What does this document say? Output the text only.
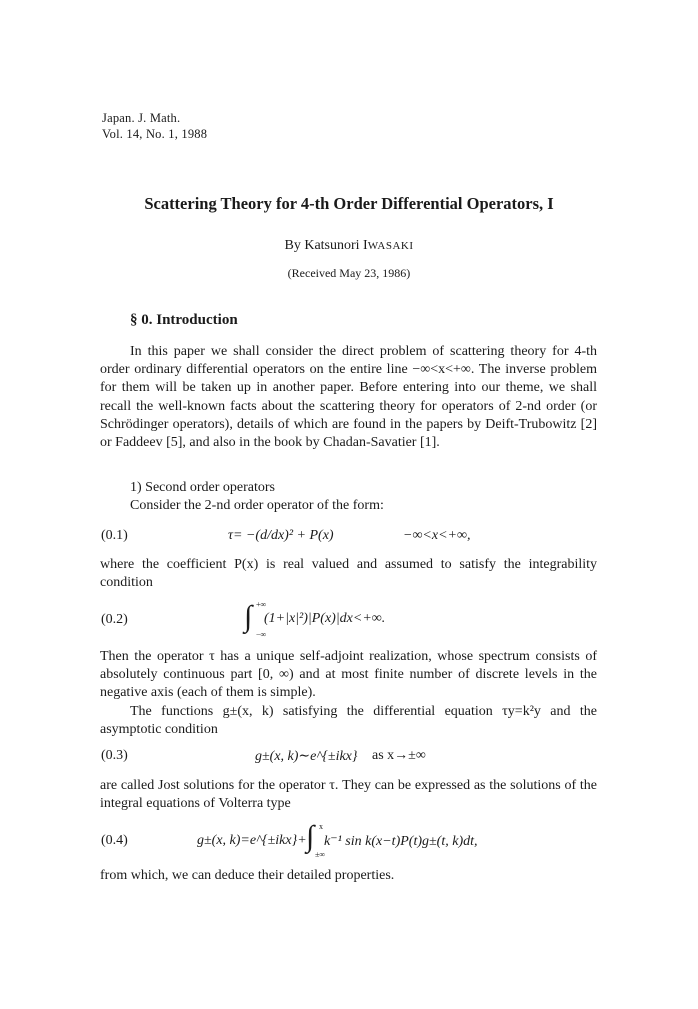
Japan. J. Math.
Vol. 14, No. 1, 1988
Scattering Theory for 4-th Order Differential Operators, I
By Katsunori IWASAKI
(Received May 23, 1986)
§ 0. Introduction

In this paper we shall consider the direct problem of scattering theory for 4-th order ordinary differential operators on the entire line −∞<x<+∞. The inverse problem for them will be taken up in another paper. Before entering into our theme, we shall recall the well-known facts about the scattering theory for operators of 2-nd order (or Schrödinger operators), details of which are found in the papers by Deift-Trubowitz [2] or Faddeev [5], and also in the book by Chadan-Savatier [1].

1) Second order operators
Consider the 2-nd order operator of the form:
(0.1)	τ= −(d/dx)² + P(x)	−∞<x<+∞,

where the coefficient P(x) is real valued and assumed to satisfy the integrability condition

(0.2)	∫ +∞
−∞
(1+|x|²)|P(x)|dx<+∞.

Then the operator τ has a unique self-adjoint realization, whose spectrum consists of absolutely continuous part [0, ∞) and at most finite number of discrete levels in the negative axis (each of them is simple).

The functions g±(x, k) satisfying the differential equation τy=k²y and the asymptotic condition

(0.3)	g±(x, k)∼e^{±ikx} as x→±∞

are called Jost solutions for the operator τ. They can be expressed as the solutions of the integral equations of Volterra type

(0.4)	g±(x, k)=e^{±ikx}+ ∫ x
±∞
k⁻¹ sin k(x−t)P(t)g±(t, k)dt,
from which, we can deduce their detailed properties.
